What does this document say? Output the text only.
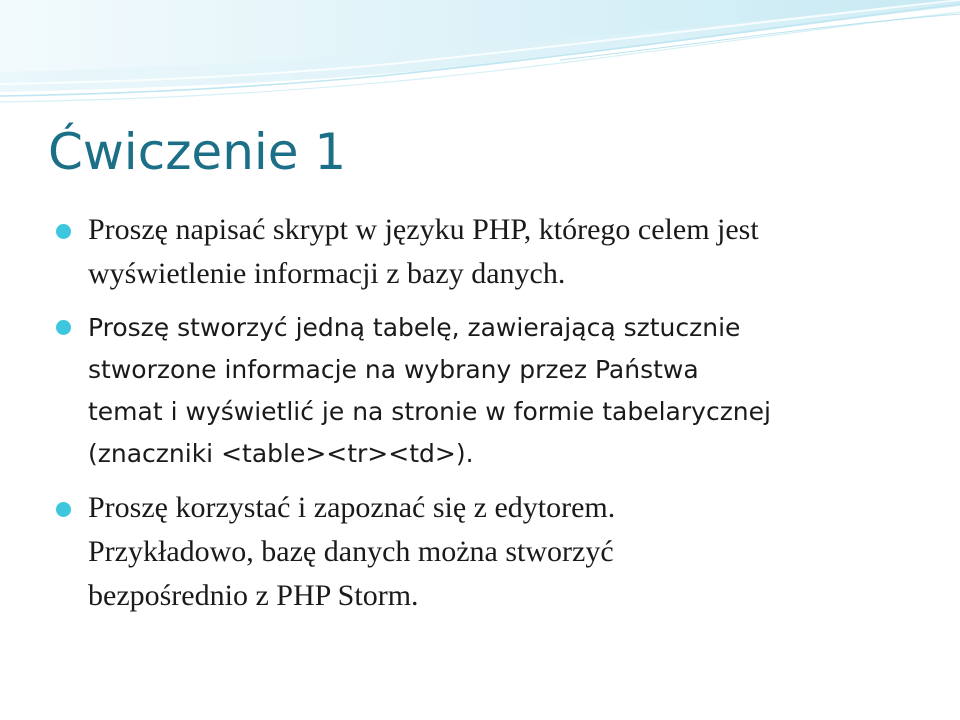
Ćwiczenie 1
Proszę napisać skrypt w języku PHP, którego celem jest
wyświetlenie informacji z bazy danych.
Proszę stworzyć jedną tabelę, zawierającą sztucznie
stworzone informacje na wybrany przez Państwa
temat i wyświetlić je na stronie w formie tabelarycznej
(znaczniki <table><tr><td>).
Proszę korzystać i zapoznać się z edytorem.
Przykładowo, bazę danych można stworzyć
bezpośrednio z PHP Storm.
